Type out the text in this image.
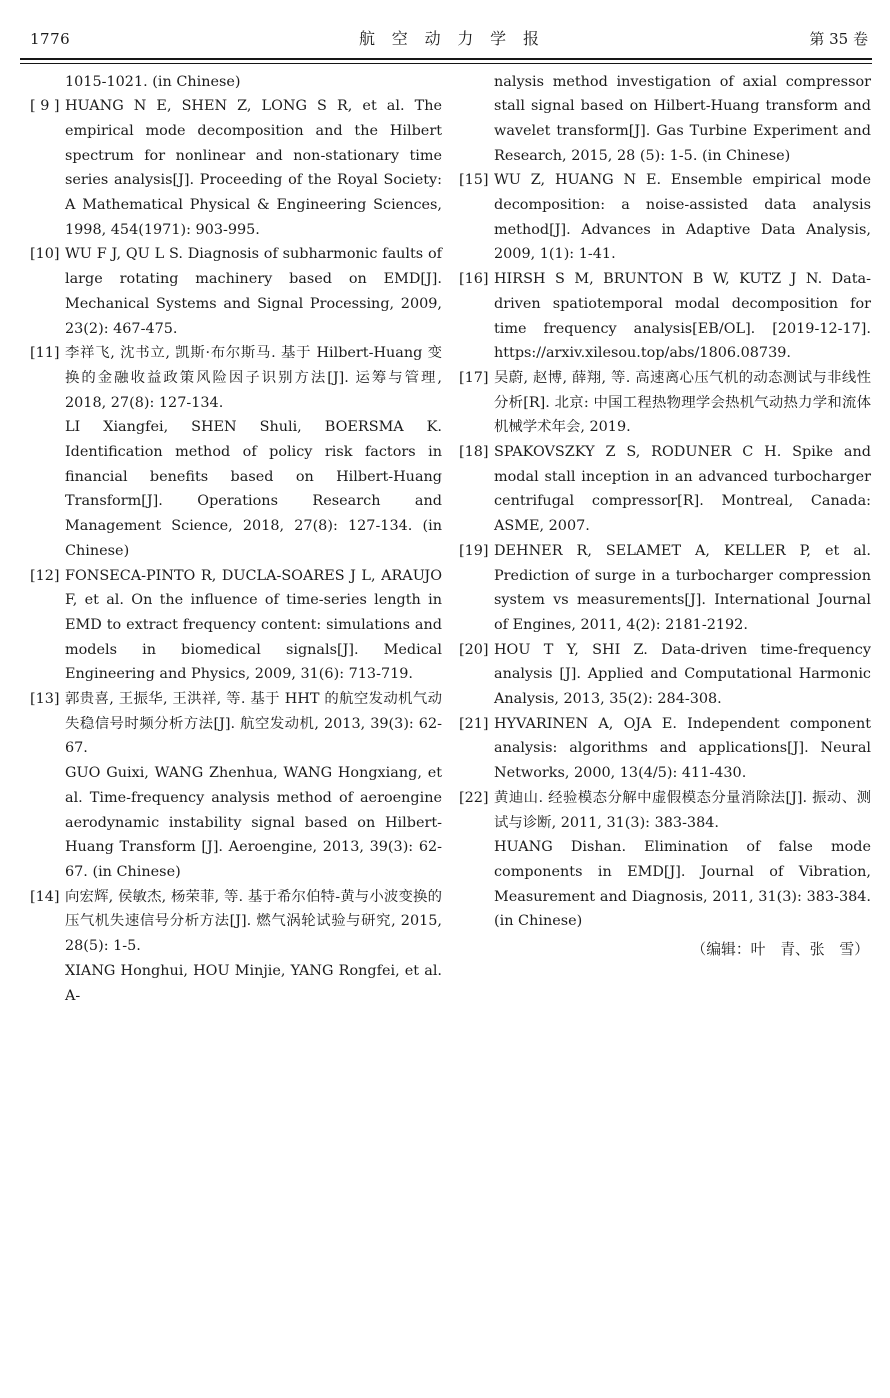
1776	航空动力学报	第 35 卷
1015-1021. (in Chinese)
[ 9 ] HUANG N E, SHEN Z, LONG S R, et al. The empirical mode decomposition and the Hilbert spectrum for nonlinear and non-stationary time series analysis[J]. Proceeding of the Royal Society: A Mathematical Physical & Engineering Sciences, 1998, 454(1971): 903-995.
[10] WU F J, QU L S. Diagnosis of subharmonic faults of large rotating machinery based on EMD[J]. Mechanical Systems and Signal Processing, 2009, 23(2): 467-475.
[11] 李祥飞, 沈书立, 凯斯·布尔斯马. 基于 Hilbert-Huang 变换的金融收益政策风险因子识别方法[J]. 运筹与管理, 2018, 27(8): 127-134.
LI Xiangfei, SHEN Shuli, BOERSMA K. Identification method of policy risk factors in financial benefits based on Hilbert-Huang Transform[J]. Operations Research and Management Science, 2018, 27(8): 127-134. (in Chinese)
[12] FONSECA-PINTO R, DUCLA-SOARES J L, ARAUJO F, et al. On the influence of time-series length in EMD to extract frequency content: simulations and models in biomedical signals[J]. Medical Engineering and Physics, 2009, 31(6): 713-719.
[13] 郭贵喜, 王振华, 王洪祥, 等. 基于 HHT 的航空发动机气动失稳信号时频分析方法[J]. 航空发动机, 2013, 39(3): 62-67.
GUO Guixi, WANG Zhenhua, WANG Hongxiang, et al. Time-frequency analysis method of aeroengine aerodynamic instability signal based on Hilbert-Huang Transform [J]. Aeroengine, 2013, 39(3): 62-67. (in Chinese)
[14] 向宏辉, 侯敏杰, 杨荣菲, 等. 基于希尔伯特-黄与小波变换的压气机失速信号分析方法[J]. 燃气涡轮试验与研究, 2015, 28(5): 1-5.
XIANG Honghui, HOU Minjie, YANG Rongfei, et al. A-
nalysis method investigation of axial compressor stall signal based on Hilbert-Huang transform and wavelet transform[J]. Gas Turbine Experiment and Research, 2015, 28 (5): 1-5. (in Chinese)
[15] WU Z, HUANG N E. Ensemble empirical mode decomposition: a noise-assisted data analysis method[J]. Advances in Adaptive Data Analysis, 2009, 1(1): 1-41.
[16] HIRSH S M, BRUNTON B W, KUTZ J N. Data-driven spatiotemporal modal decomposition for time frequency analysis[EB/OL]. [2019-12-17]. https://arxiv.xilesou.top/abs/1806.08739.
[17] 吴蔚, 赵博, 薛翔, 等. 高速离心压气机的动态测试与非线性分析[R]. 北京: 中国工程热物理学会热机气动热力学和流体机械学术年会, 2019.
[18] SPAKOVSZKY Z S, RODUNER C H. Spike and modal stall inception in an advanced turbocharger centrifugal compressor[R]. Montreal, Canada: ASME, 2007.
[19] DEHNER R, SELAMET A, KELLER P, et al. Prediction of surge in a turbocharger compression system vs measurements[J]. International Journal of Engines, 2011, 4(2): 2181-2192.
[20] HOU T Y, SHI Z. Data-driven time-frequency analysis [J]. Applied and Computational Harmonic Analysis, 2013, 35(2): 284-308.
[21] HYVARINEN A, OJA E. Independent component analysis: algorithms and applications[J]. Neural Networks, 2000, 13(4/5): 411-430.
[22] 黄迪山. 经验模态分解中虚假模态分量消除法[J]. 振动、测试与诊断, 2011, 31(3): 383-384.
HUANG Dishan. Elimination of false mode components in EMD[J]. Journal of Vibration, Measurement and Diagnosis, 2011, 31(3): 383-384. (in Chinese)
（编辑：叶　青、张　雪）
